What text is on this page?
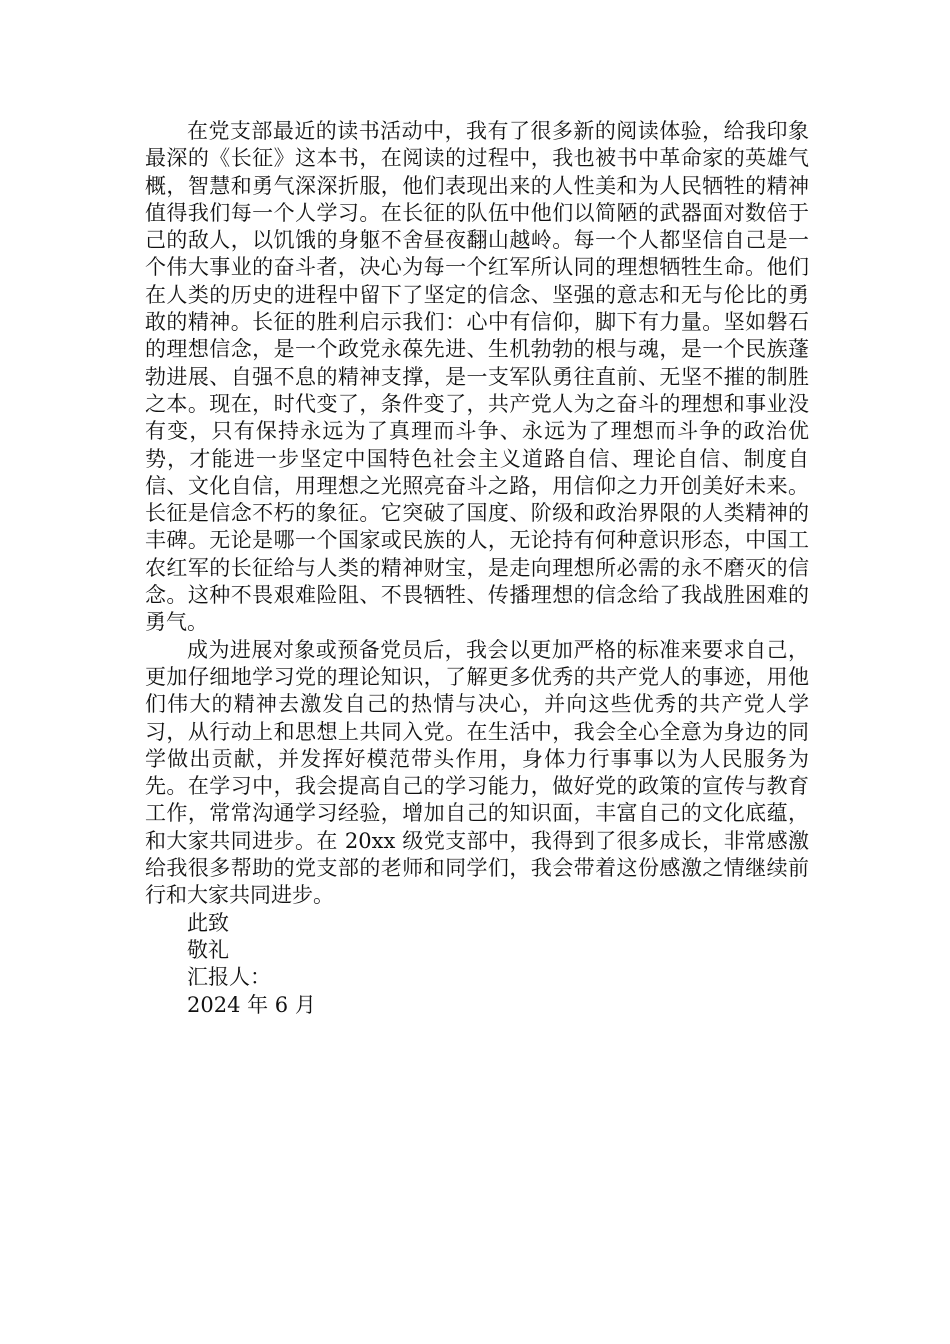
在党支部最近的读书活动中，我有了很多新的阅读体验，给我印象最深的《长征》这本书，在阅读的过程中，我也被书中革命家的英雄气概，智慧和勇气深深折服，他们表现出来的人性美和为人民牺牲的精神值得我们每一个人学习。在长征的队伍中他们以简陋的武器面对数倍于己的敌人，以饥饿的身躯不舍昼夜翻山越岭。每一个人都坚信自己是一个伟大事业的奋斗者，决心为每一个红军所认同的理想牺牲生命。他们在人类的历史的进程中留下了坚定的信念、坚强的意志和无与伦比的勇敢的精神。长征的胜利启示我们：心中有信仰，脚下有力量。坚如磐石的理想信念，是一个政党永葆先进、生机勃勃的根与魂，是一个民族蓬勃进展、自强不息的精神支撑，是一支军队勇往直前、无坚不摧的制胜之本。现在，时代变了，条件变了，共产党人为之奋斗的理想和事业没有变，只有保持永远为了真理而斗争、永远为了理想而斗争的政治优势，才能进一步坚定中国特色社会主义道路自信、理论自信、制度自信、文化自信，用理想之光照亮奋斗之路，用信仰之力开创美好未来。长征是信念不朽的象征。它突破了国度、阶级和政治界限的人类精神的丰碑。无论是哪一个国家或民族的人，无论持有何种意识形态，中国工农红军的长征给与人类的精神财宝，是走向理想所必需的永不磨灭的信念。这种不畏艰难险阻、不畏牺牲、传播理想的信念给了我战胜困难的勇气。

成为进展对象或预备党员后，我会以更加严格的标准来要求自己，更加仔细地学习党的理论知识，了解更多优秀的共产党人的事迹，用他们伟大的精神去激发自己的热情与决心，并向这些优秀的共产党人学习，从行动上和思想上共同入党。在生活中，我会全心全意为身边的同学做出贡献，并发挥好模范带头作用，身体力行事事以为人民服务为先。在学习中，我会提高自己的学习能力，做好党的政策的宣传与教育工作，常常沟通学习经验，增加自己的知识面，丰富自己的文化底蕴，和大家共同进步。在 20xx 级党支部中，我得到了很多成长，非常感激给我很多帮助的党支部的老师和同学们，我会带着这份感激之情继续前行和大家共同进步。

此致

敬礼

汇报人：

2024 年 6 月
